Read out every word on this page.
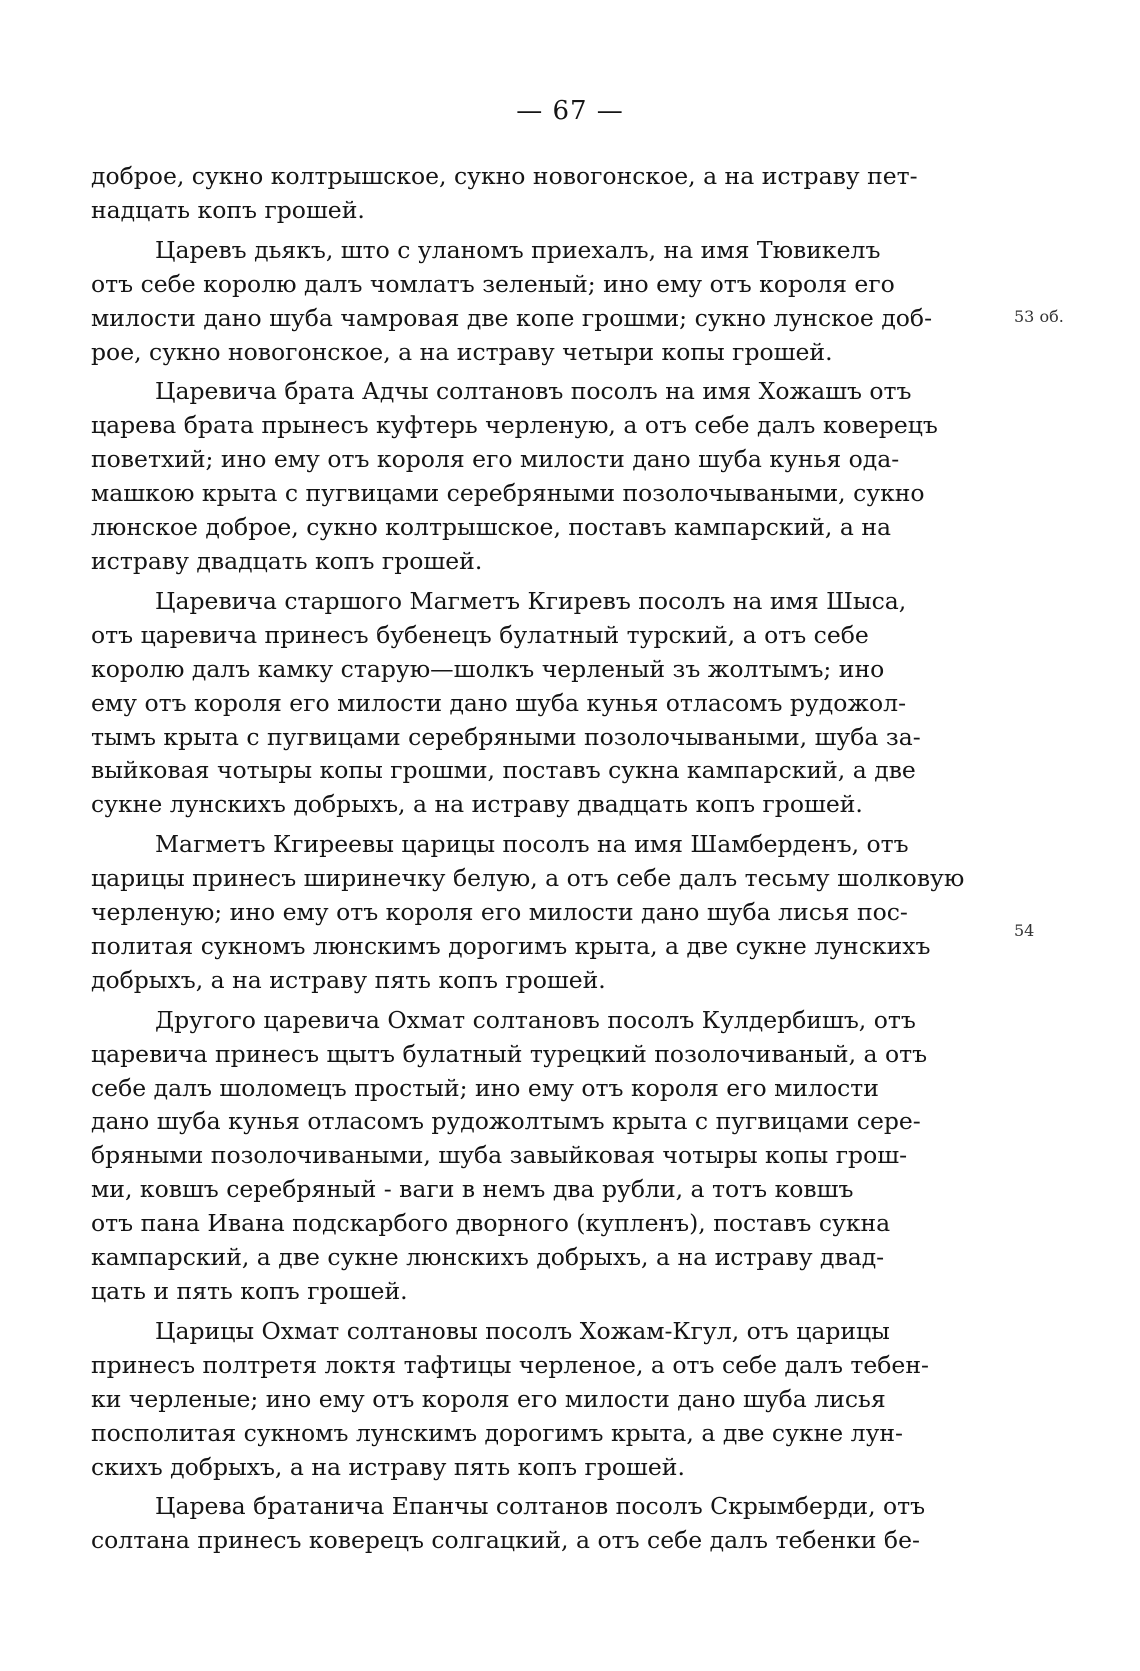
— 67 —

доброе, сукно колтрышское, сукно новогонское, а на истраву пет-
надцать копъ грошей.

Царевъ дьякъ, што с уланомъ приехалъ, на имя Тювикелъ
отъ себе королю далъ чомлатъ зеленый; ино ему отъ короля его
милости дано шуба чамровая две копе грошми; сукно лунское доб-
рое, сукно новогонское, а на истраву четыри копы грошей.

Царевича брата Адчы солтановъ посолъ на имя Хожашъ отъ
царева брата прынесъ куфтерь черленую, а отъ себе далъ коверецъ
поветхий; ино ему отъ короля его милости дано шуба кунья ода-
машкою крыта с пугвицами серебряными позолочываными, сукно
люнское доброе, сукно колтрышское, поставъ кампарский, а на
истраву двадцать копъ грошей.

Царевича старшого Магметъ Кгиревъ посолъ на имя Шыса,
отъ царевича принесъ бубенецъ булатный турский, а отъ себе
королю далъ камку старую—шолкъ черленый зъ жолтымъ; ино
ему отъ короля его милости дано шуба кунья отласомъ рудожол-
тымъ крыта с пугвицами серебряными позолочываными, шуба за-
выйковая чотыры копы грошми, поставъ сукна кампарский, а две
сукне лунскихъ добрыхъ, а на истраву двадцать копъ грошей.

Магметъ Кгиреевы царицы посолъ на имя Шамберденъ, отъ
царицы принесъ ширинечку белую, а отъ себе далъ тесьму шолковую
черленую; ино ему отъ короля его милости дано шуба лисья пос-
политая сукномъ люнскимъ дорогимъ крыта, а две сукне лунскихъ
добрыхъ, а на истраву пять копъ грошей.

Другого царевича Охмат солтановъ посолъ Кулдербишъ, отъ
царевича принесъ щытъ булатный турецкий позолочиваный, а отъ
себе далъ шоломецъ простый; ино ему отъ короля его милости
дано шуба кунья отласомъ рудожолтымъ крыта с пугвицами сере-
бряными позолочиваными, шуба завыйковая чотыры копы грош-
ми, ковшъ серебряный - ваги в немъ два рубли, а тотъ ковшъ
отъ пана Ивана подскарбого дворного (купленъ), поставъ сукна
кампарский, а две сукне люнскихъ добрыхъ, а на истраву двад-
цать и пять копъ грошей.

Царицы Охмат солтановы посолъ Хожам-Кгул, отъ царицы
принесъ полтретя локтя тафтицы черленое, а отъ себе далъ тебен-
ки черленые; ино ему отъ короля его милости дано шуба лисья
посполитая сукномъ лунскимъ дорогимъ крыта, а две сукне лун-
скихъ добрыхъ, а на истраву пять копъ грошей.

Царева братанича Епанчы солтанов посолъ Скрымберди, отъ
солтана принесъ коверецъ солгацкий, а отъ себе далъ тебенки бе-

53 об.
54
